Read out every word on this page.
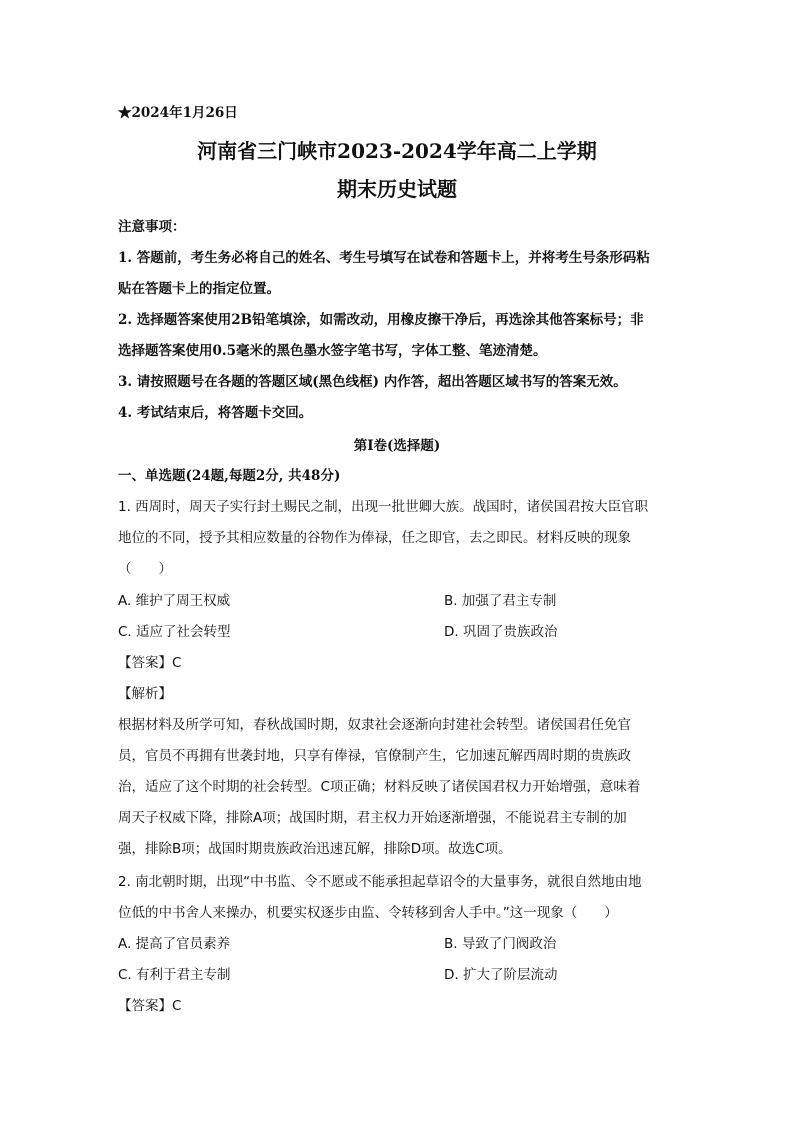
★2024年1月26日
河南省三门峡市2023-2024学年高二上学期
期末历史试题
注意事项：
1. 答题前，考生务必将自己的姓名、考生号填写在试卷和答题卡上，并将考生号条形码粘
贴在答题卡上的指定位置。
2. 选择题答案使用2B铅笔填涂，如需改动，用橡皮擦干净后，再选涂其他答案标号；非
选择题答案使用0.5毫米的黑色墨水签字笔书写，字体工整、笔迹清楚。
3. 请按照题号在各题的答题区域(黑色线框) 内作答，超出答题区域书写的答案无效。
4. 考试结束后，将答题卡交回。
第Ⅰ卷(选择题)
一、单选题(24题,每题2分, 共48分)
1. 西周时，周天子实行封土赐民之制，出现一批世卿大族。战国时，诸侯国君按大臣官职
地位的不同，授予其相应数量的谷物作为俸禄，任之即官，去之即民。材料反映的现象
（　　）
A. 维护了周王权威	B. 加强了君主专制
C. 适应了社会转型	D. 巩固了贵族政治
【答案】C
【解析】
根据材料及所学可知，春秋战国时期，奴隶社会逐渐向封建社会转型。诸侯国君任免官
员，官员不再拥有世袭封地，只享有俸禄，官僚制产生，它加速瓦解西周时期的贵族政
治，适应了这个时期的社会转型。C项正确；材料反映了诸侯国君权力开始增强，意味着
周天子权威下降，排除A项；战国时期，君主权力开始逐渐增强，不能说君主专制的加
强，排除B项；战国时期贵族政治迅速瓦解，排除D项。故选C项。
2. 南北朝时期，出现“中书监、令不愿或不能承担起草诏令的大量事务，就很自然地由地
位低的中书舍人来操办，机要实权逐步由监、令转移到舍人手中。”这一现象（　　）
A. 提高了官员素养	B. 导致了门阀政治
C. 有利于君主专制	D. 扩大了阶层流动
【答案】C
